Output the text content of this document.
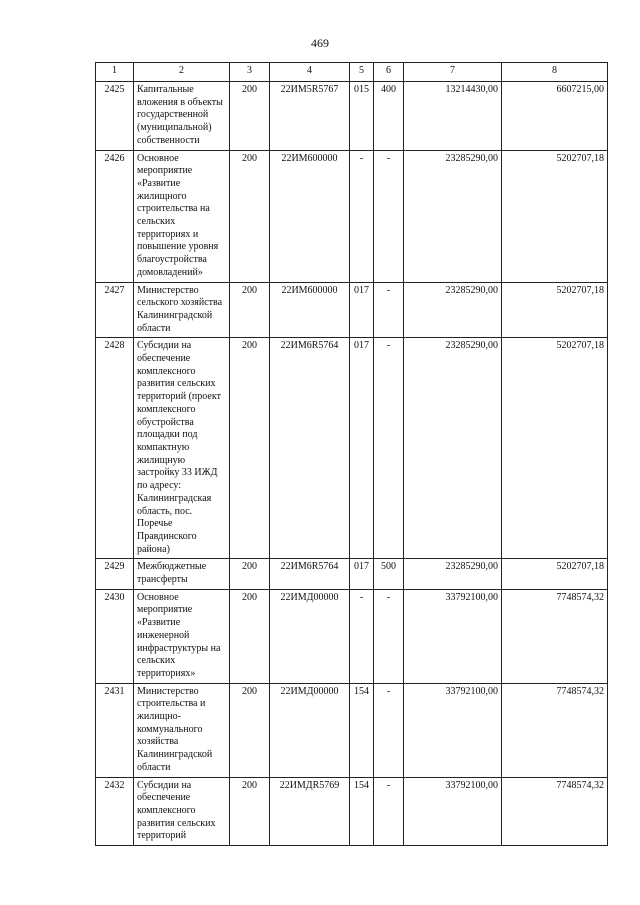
469
1	2	3	4	5	6	7	8
2425	Капитальные вложения в объекты государственной (муниципальной) собственности	200	22ИМ5R5767	015	400	13214430,00	6607215,00
2426	Основное мероприятие «Развитие жилищного строительства на сельских территориях и повышение уровня благоустройства домовладений»	200	22ИМ600000	-	-	23285290,00	5202707,18
2427	Министерство сельского хозяйства Калининградской области	200	22ИМ600000	017	-	23285290,00	5202707,18
2428	Субсидии на обеспечение комплексного развития сельских территорий (проект комплексного обустройства площадки под компактную жилищную застройку 33 ИЖД по адресу: Калининградская область, пос. Поречье Правдинского района)	200	22ИМ6R5764	017	-	23285290,00	5202707,18
2429	Межбюджетные трансферты	200	22ИМ6R5764	017	500	23285290,00	5202707,18
2430	Основное мероприятие «Развитие инженерной инфраструктуры на сельских территориях»	200	22ИМД00000	-	-	33792100,00	7748574,32
2431	Министерство строительства и жилищно-коммунального хозяйства Калининградской области	200	22ИМД00000	154	-	33792100,00	7748574,32
2432	Субсидии на обеспечение комплексного развития сельских территорий	200	22ИМДR5769	154	-	33792100,00	7748574,32
